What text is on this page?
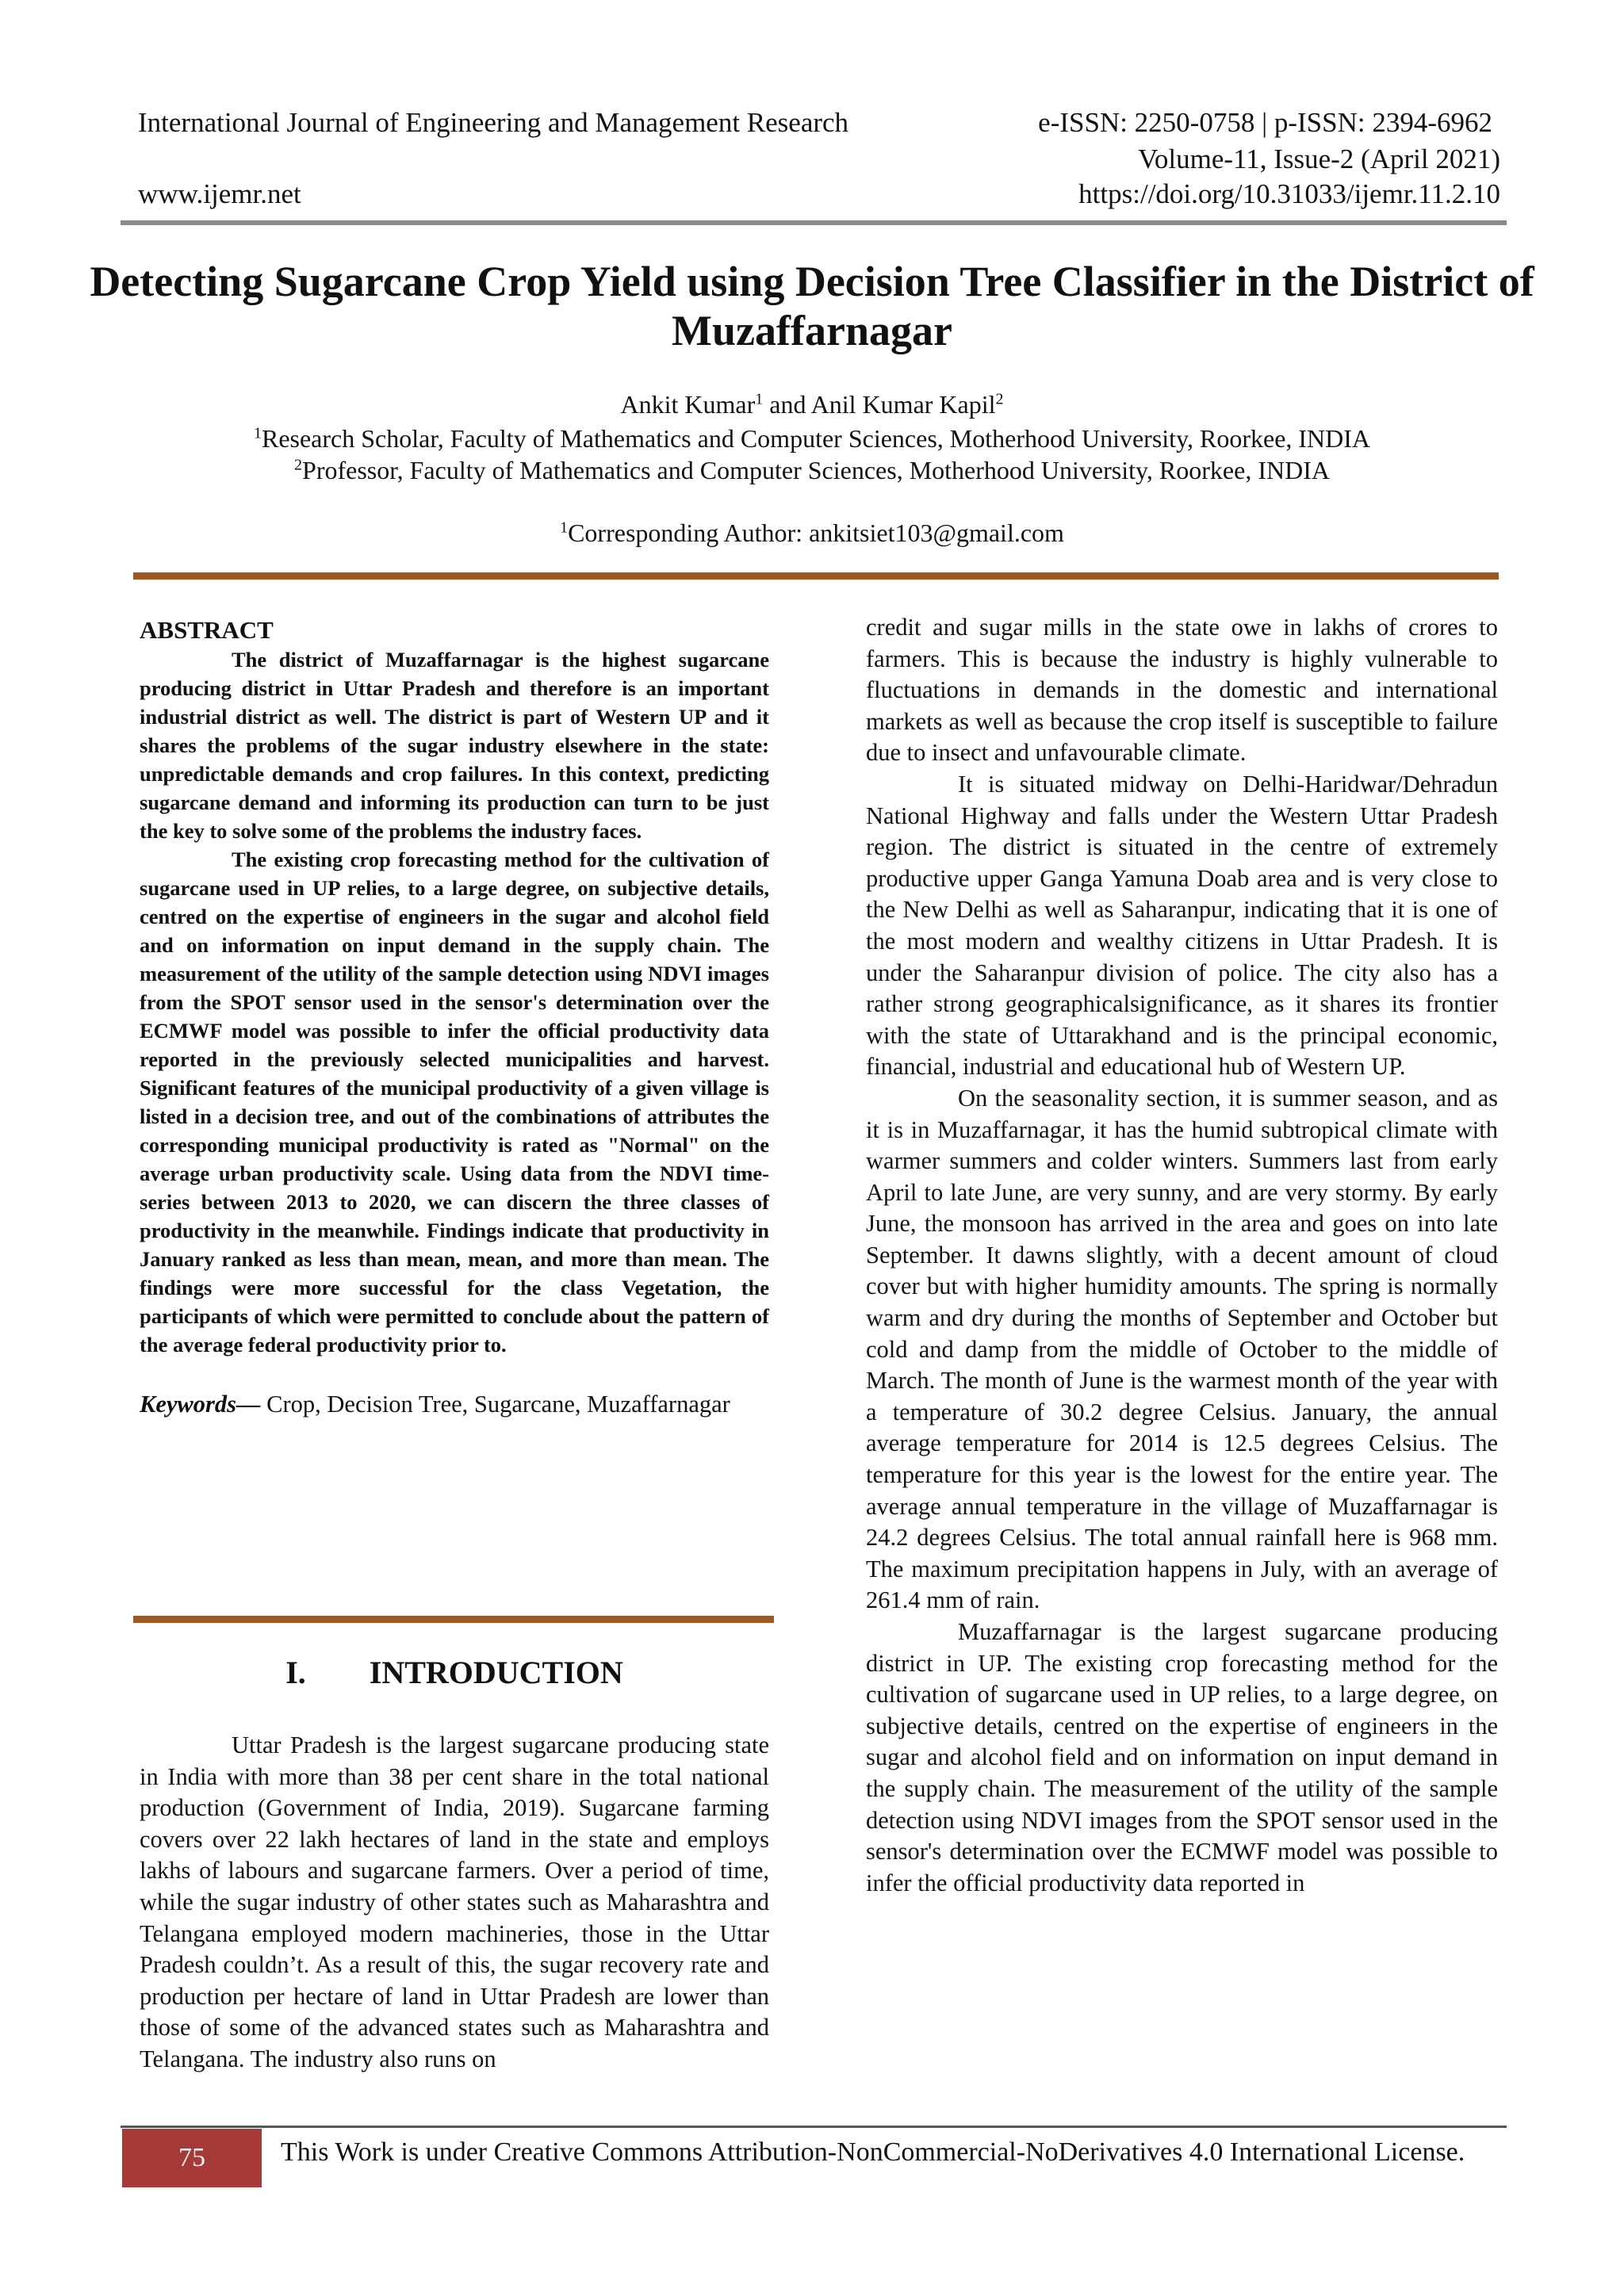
International Journal of Engineering and Management Research	e-ISSN: 2250-0758 | p-ISSN: 2394-6962
Volume-11, Issue-2 (April 2021)
www.ijemr.net	https://doi.org/10.31033/ijemr.11.2.10
Detecting Sugarcane Crop Yield using Decision Tree Classifier in the District of Muzaffarnagar
Ankit Kumar$^1$ and Anil Kumar Kapil$^2$
$^1$Research Scholar, Faculty of Mathematics and Computer Sciences, Motherhood University, Roorkee, INDIA
$^2$Professor, Faculty of Mathematics and Computer Sciences, Motherhood University, Roorkee, INDIA
$^1$Corresponding Author: ankitsiet103@gmail.com
ABSTRACT

The district of Muzaffarnagar is the highest sugarcane producing district in Uttar Pradesh and therefore is an important industrial district as well. The district is part of Western UP and it shares the problems of the sugar industry elsewhere in the state: unpredictable demands and crop failures. In this context, predicting sugarcane demand and informing its production can turn to be just the key to solve some of the problems the industry faces.

The existing crop forecasting method for the cultivation of sugarcane used in UP relies, to a large degree, on subjective details, centred on the expertise of engineers in the sugar and alcohol field and on information on input demand in the supply chain. The measurement of the utility of the sample detection using NDVI images from the SPOT sensor used in the sensor's determination over the ECMWF model was possible to infer the official productivity data reported in the previously selected municipalities and harvest. Significant features of the municipal productivity of a given village is listed in a decision tree, and out of the combinations of attributes the corresponding municipal productivity is rated as "Normal" on the average urban productivity scale. Using data from the NDVI time-series between 2013 to 2020, we can discern the three classes of productivity in the meanwhile. Findings indicate that productivity in January ranked as less than mean, mean, and more than mean. The findings were more successful for the class Vegetation, the participants of which were permitted to conclude about the pattern of the average federal productivity prior to.

Keywords— Crop, Decision Tree, Sugarcane, Muzaffarnagar
I. INTRODUCTION

Uttar Pradesh is the largest sugarcane producing state in India with more than 38 per cent share in the total national production (Government of India, 2019). Sugarcane farming covers over 22 lakh hectares of land in the state and employs lakhs of labours and sugarcane farmers. Over a period of time, while the sugar industry of other states such as Maharashtra and Telangana employed modern machineries, those in the Uttar Pradesh couldn’t. As a result of this, the sugar recovery rate and production per hectare of land in Uttar Pradesh are lower than those of some of the advanced states such as Maharashtra and Telangana. The industry also runs on

credit and sugar mills in the state owe in lakhs of crores to farmers. This is because the industry is highly vulnerable to fluctuations in demands in the domestic and international markets as well as because the crop itself is susceptible to failure due to insect and unfavourable climate.

It is situated midway on Delhi-Haridwar/Dehradun National Highway and falls under the Western Uttar Pradesh region. The district is situated in the centre of extremely productive upper Ganga Yamuna Doab area and is very close to the New Delhi as well as Saharanpur, indicating that it is one of the most modern and wealthy citizens in Uttar Pradesh. It is under the Saharanpur division of police. The city also has a rather strong geographicalsignificance, as it shares its frontier with the state of Uttarakhand and is the principal economic, financial, industrial and educational hub of Western UP.

On the seasonality section, it is summer season, and as it is in Muzaffarnagar, it has the humid subtropical climate with warmer summers and colder winters. Summers last from early April to late June, are very sunny, and are very stormy. By early June, the monsoon has arrived in the area and goes on into late September. It dawns slightly, with a decent amount of cloud cover but with higher humidity amounts. The spring is normally warm and dry during the months of September and October but cold and damp from the middle of October to the middle of March. The month of June is the warmest month of the year with a temperature of 30.2 degree Celsius. January, the annual average temperature for 2014 is 12.5 degrees Celsius. The temperature for this year is the lowest for the entire year. The average annual temperature in the village of Muzaffarnagar is 24.2 degrees Celsius. The total annual rainfall here is 968 mm. The maximum precipitation happens in July, with an average of 261.4 mm of rain.

Muzaffarnagar is the largest sugarcane producing district in UP. The existing crop forecasting method for the cultivation of sugarcane used in UP relies, to a large degree, on subjective details, centred on the expertise of engineers in the sugar and alcohol field and on information on input demand in the supply chain. The measurement of the utility of the sample detection using NDVI images from the SPOT sensor used in the sensor's determination over the ECMWF model was possible to infer the official productivity data reported in

75	This Work is under Creative Commons Attribution-NonCommercial-NoDerivatives 4.0 International License.
